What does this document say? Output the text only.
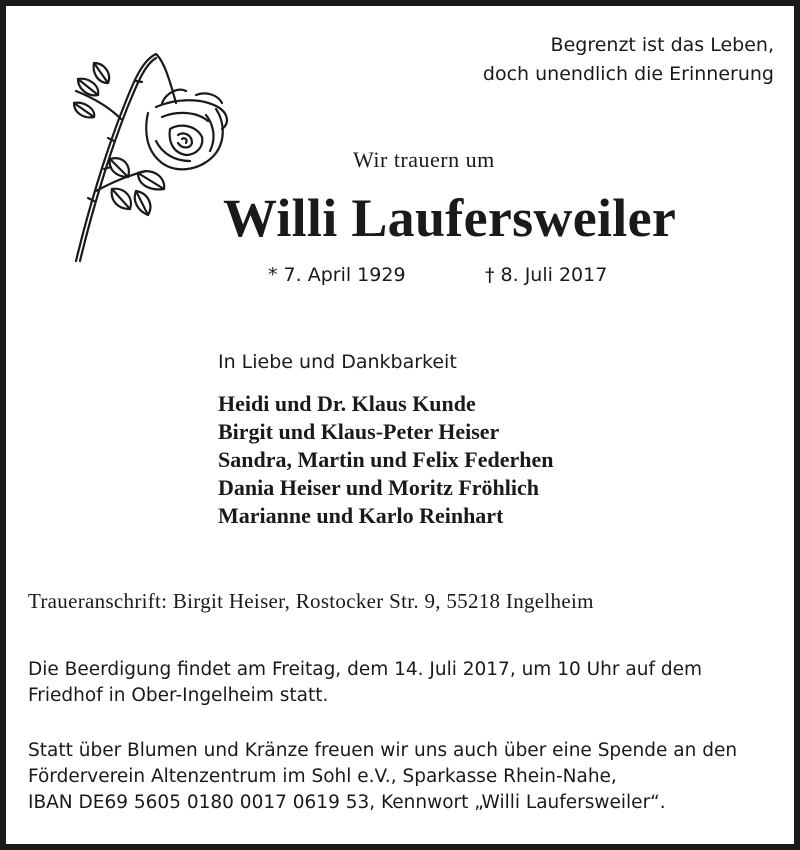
Begrenzt ist das Leben,
doch unendlich die Erinnerung
Wir trauern um
Willi Laufersweiler
* 7. April 1929	† 8. Juli 2017
In Liebe und Dankbarkeit
Heidi und Dr. Klaus Kunde
Birgit und Klaus-Peter Heiser
Sandra, Martin und Felix Federhen
Dania Heiser und Moritz Fröhlich
Marianne und Karlo Reinhart
Traueranschrift: Birgit Heiser, Rostocker Str. 9, 55218 Ingelheim
Die Beerdigung findet am Freitag, dem 14. Juli 2017, um 10 Uhr auf dem
Friedhof in Ober-Ingelheim statt.
Statt über Blumen und Kränze freuen wir uns auch über eine Spende an den
Förderverein Altenzentrum im Sohl e.V., Sparkasse Rhein-Nahe,
IBAN DE69 5605 0180 0017 0619 53, Kennwort „Willi Laufersweiler“.
